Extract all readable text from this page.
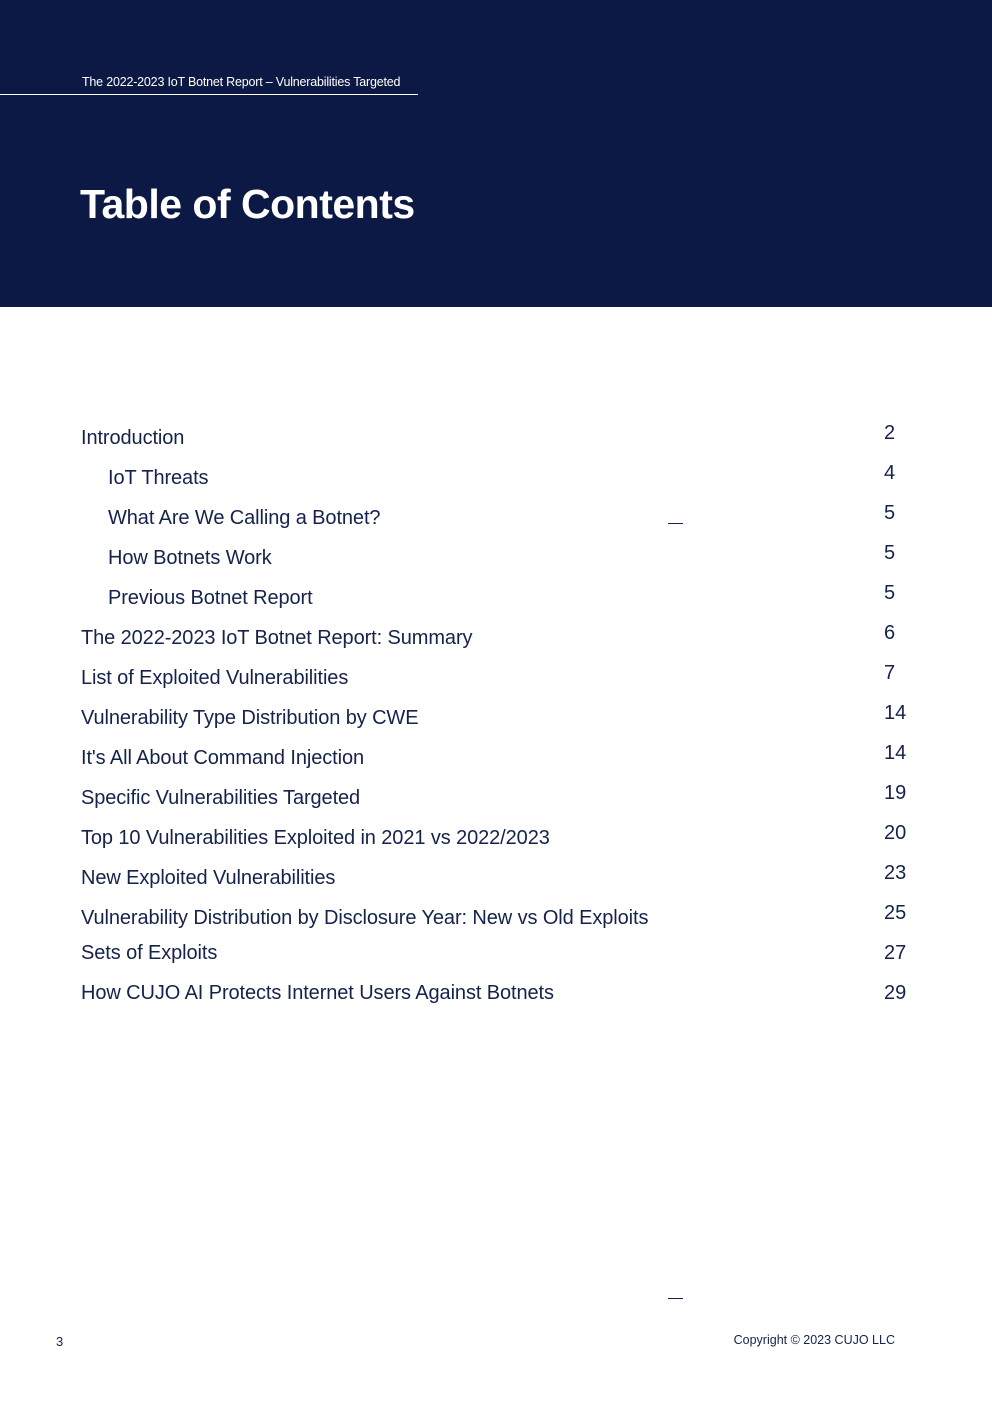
The 2022-2023 IoT Botnet Report – Vulnerabilities Targeted
Table of Contents
Introduction	2
IoT Threats	4
What Are We Calling a Botnet?	5
How Botnets Work	5
Previous Botnet Report	5
The 2022-2023 IoT Botnet Report: Summary	6
List of Exploited Vulnerabilities	7
Vulnerability Type Distribution by CWE	14
It's All About Command Injection	14
Specific Vulnerabilities Targeted	19
Top 10 Vulnerabilities Exploited in 2021 vs 2022/2023	20
New Exploited Vulnerabilities	23
Vulnerability Distribution by Disclosure Year: New vs Old Exploits	25
Sets of Exploits	27
How CUJO AI Protects Internet Users Against Botnets	29
3	Copyright © 2023 CUJO LLC
